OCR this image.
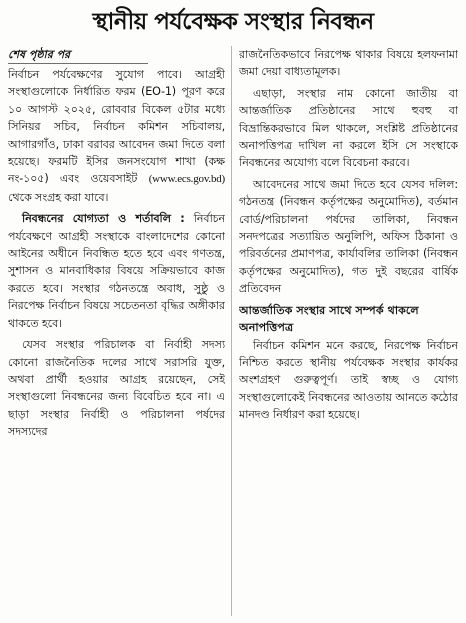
স্থানীয় পর্যবেক্ষক সংস্থার নিবন্ধন
শেষ পৃষ্ঠার পর

নির্বাচন পর্যবেক্ষণের সুযোগ পাবে। আগ্রহী সংস্থাগুলোকে নির্ধারিত ফরম (EO-1) পূরণ করে ১০ আগস্ট ২০২৫, রোববার বিকেল ৫টার মধ্যে সিনিয়র সচিব, নির্বাচন কমিশন সচিবালয়, আগারগাঁও, ঢাকা বরাবর আবেদন জমা দিতে বলা হয়েছে। ফরমটি ইসির জনসংযোগ শাখা (কক্ষ নং-১০৫) এবং ওয়েবসাইট (www.ecs.gov.bd) থেকে সংগ্রহ করা যাবে।

নিবন্ধনের যোগ্যতা ও শর্তাবলি : নির্বাচন পর্যবেক্ষণে আগ্রহী সংস্থাকে বাংলাদেশের কোনো আইনের অধীনে নিবন্ধিত হতে হবে এবং গণতন্ত্র, সুশাসন ও মানবাধিকার বিষয়ে সক্রিয়ভাবে কাজ করতে হবে। সংস্থার গঠনতন্ত্রে অবাধ, সুষ্ঠু ও নিরপেক্ষ নির্বাচন বিষয়ে সচেতনতা বৃদ্ধির অঙ্গীকার থাকতে হবে।

যেসব সংস্থার পরিচালক বা নির্বাহী সদস্য কোনো রাজনৈতিক দলের সাথে সরাসরি যুক্ত, অথবা প্রার্থী হওয়ার আগ্রহ রয়েছেন, সেই সংস্থাগুলো নিবন্ধনের জন্য বিবেচিত হবে না। এ ছাড়া সংস্থার নির্বাহী ও পরিচালনা পর্ষদের সদস্যদের

রাজনৈতিকভাবে নিরপেক্ষ থাকার বিষয়ে হলফনামা জমা দেয়া বাধ্যতামূলক।

এছাড়া, সংস্থার নাম কোনো জাতীয় বা আন্তর্জাতিক প্রতিষ্ঠানের সাথে হুবহু বা বিভ্রান্তিকরভাবে মিল থাকলে, সংশ্লিষ্ট প্রতিষ্ঠানের অনাপত্তিপত্র দাখিল না করলে ইসি সে সংস্থাকে নিবন্ধনের অযোগ্য বলে বিবেচনা করবে।

আবেদনের সাথে জমা দিতে হবে যেসব দলিল: গঠনতন্ত্র (নিবন্ধন কর্তৃপক্ষের অনুমোদিত), বর্তমান বোর্ড/পরিচালনা পর্ষদের তালিকা, নিবন্ধন সনদপত্রের সত্যায়িত অনুলিপি, অফিস ঠিকানা ও পরিবর্তনের প্রমাণপত্র, কার্যাবলির তালিকা (নিবন্ধন কর্তৃপক্ষের অনুমোদিত), গত দুই বছরের বার্ষিক প্রতিবেদন

আন্তর্জাতিক সংস্থার সাথে সম্পর্ক থাকলে অনাপত্তিপত্র

নির্বাচন কমিশন মনে করছে, নিরপেক্ষ নির্বাচন নিশ্চিত করতে স্থানীয় পর্যবেক্ষক সংস্থার কার্যকর অংশগ্রহণ গুরুত্বপূর্ণ। তাই স্বচ্ছ ও যোগ্য সংস্থাগুলোকেই নিবন্ধনের আওতায় আনতে কঠোর মানদণ্ড নির্ধারণ করা হয়েছে।
